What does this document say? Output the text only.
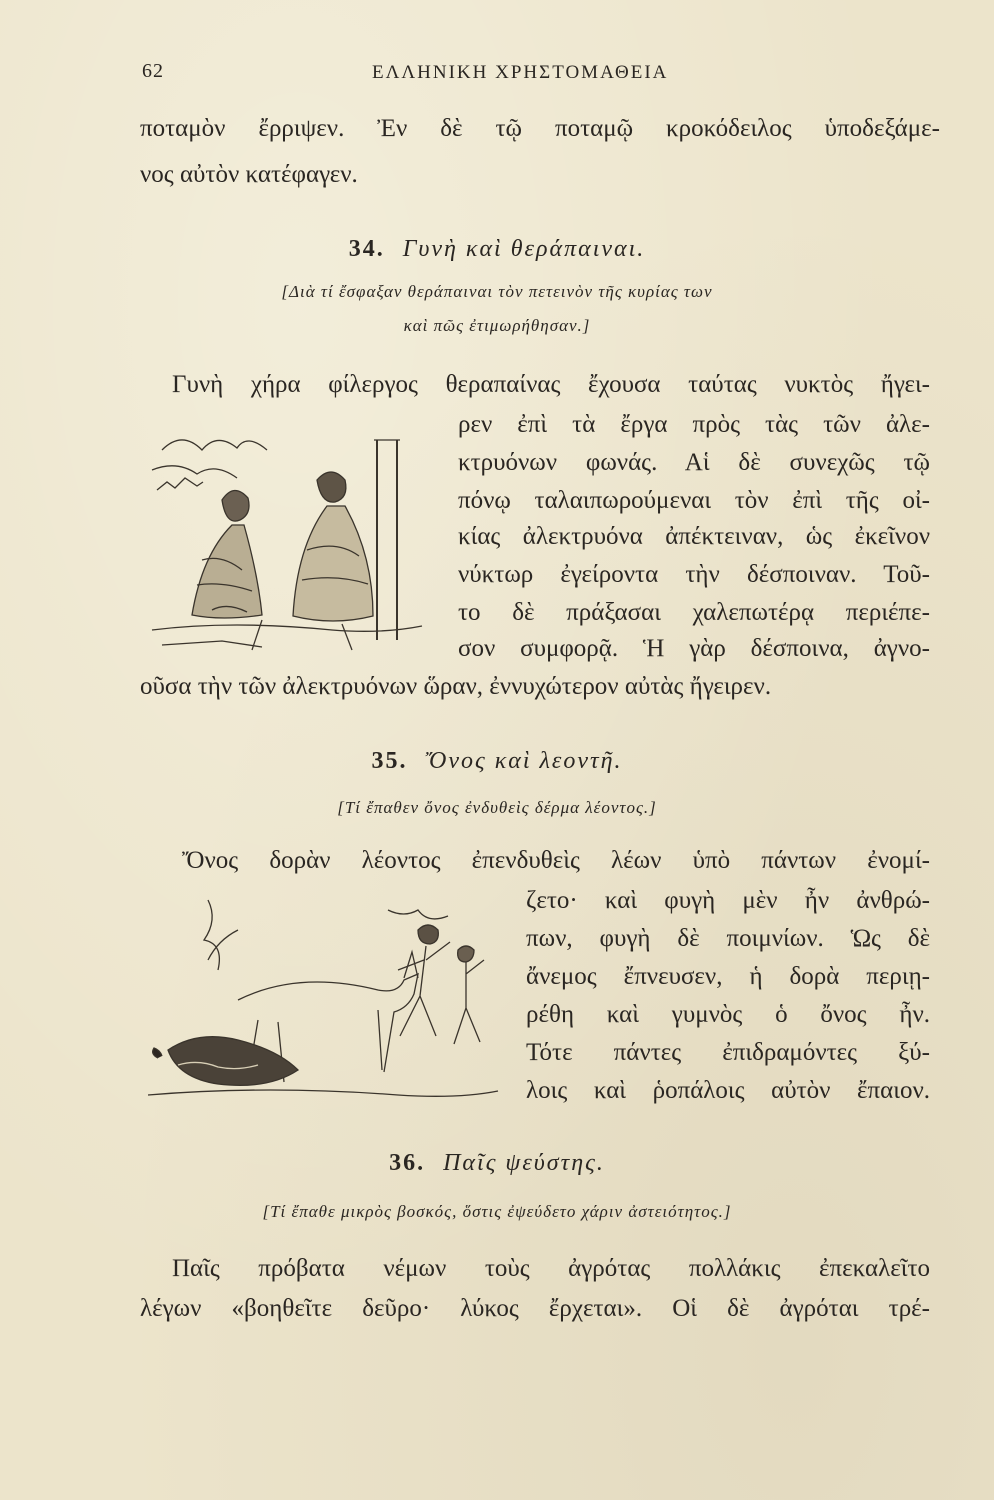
62	ΕΛΛΗΝΙΚΗ ΧΡΗΣΤΟΜΑΘΕΙΑ
ποταμὸν ἔρριψεν. Ἐν δὲ τῷ ποταμῷ κροκόδειλος ὑποδεξάμε-
νος αὐτὸν κατέφαγεν.
34. Γυνὴ καὶ θεράπαιναι.
[Διὰ τί ἔσφαξαν θεράπαιναι τὸν πετεινὸν τῆς κυρίας των
καὶ πῶς ἐτιμωρήθησαν.]
Γυνὴ χήρα φίλεργος θεραπαίνας ἔχουσα ταύτας νυκτὸς ἤγει-
ρεν ἐπὶ τὰ ἔργα πρὸς τὰς τῶν ἀλε-
κτρυόνων φωνάς. Αἱ δὲ συνεχῶς τῷ
πόνῳ ταλαιπωρούμεναι τὸν ἐπὶ τῆς οἰ-
κίας ἀλεκτρυόνα ἀπέκτειναν, ὡς ἐκεῖνον
νύκτωρ ἐγείροντα τὴν δέσποιναν. Τοῦ-
το δὲ πράξασαι χαλεπωτέρᾳ περιέπε-
σον συμφορᾷ. Ἡ γὰρ δέσποινα, ἀγνο-
οῦσα τὴν τῶν ἀλεκτρυόνων ὥραν, ἐννυχώτερον αὐτὰς ἤγειρεν.
35. Ὄνος καὶ λεοντῆ.
[Τί ἔπαθεν ὄνος ἐνδυθεὶς δέρμα λέοντος.]
Ὄνος δορὰν λέοντος ἐπενδυθεὶς λέων ὑπὸ πάντων ἐνομί-
ζετο· καὶ φυγὴ μὲν ἦν ἀνθρώ-
πων, φυγὴ δὲ ποιμνίων. Ὡς δὲ
ἄνεμος ἔπνευσεν, ἡ δορὰ περιῃ-
ρέθη καὶ γυμνὸς ὁ ὄνος ἦν.
Τότε πάντες ἐπιδραμόντες ξύ-
λοις καὶ ῥοπάλοις αὐτὸν ἔπαιον.
36. Παῖς ψεύστης.
[Τί ἔπαθε μικρὸς βοσκός, ὅστις ἐψεύδετο χάριν ἀστειότητος.]
Παῖς πρόβατα νέμων τοὺς ἀγρότας πολλάκις ἐπεκαλεῖτο
λέγων «βοηθεῖτε δεῦρο· λύκος ἔρχεται». Οἱ δὲ ἀγρόται τρέ-
